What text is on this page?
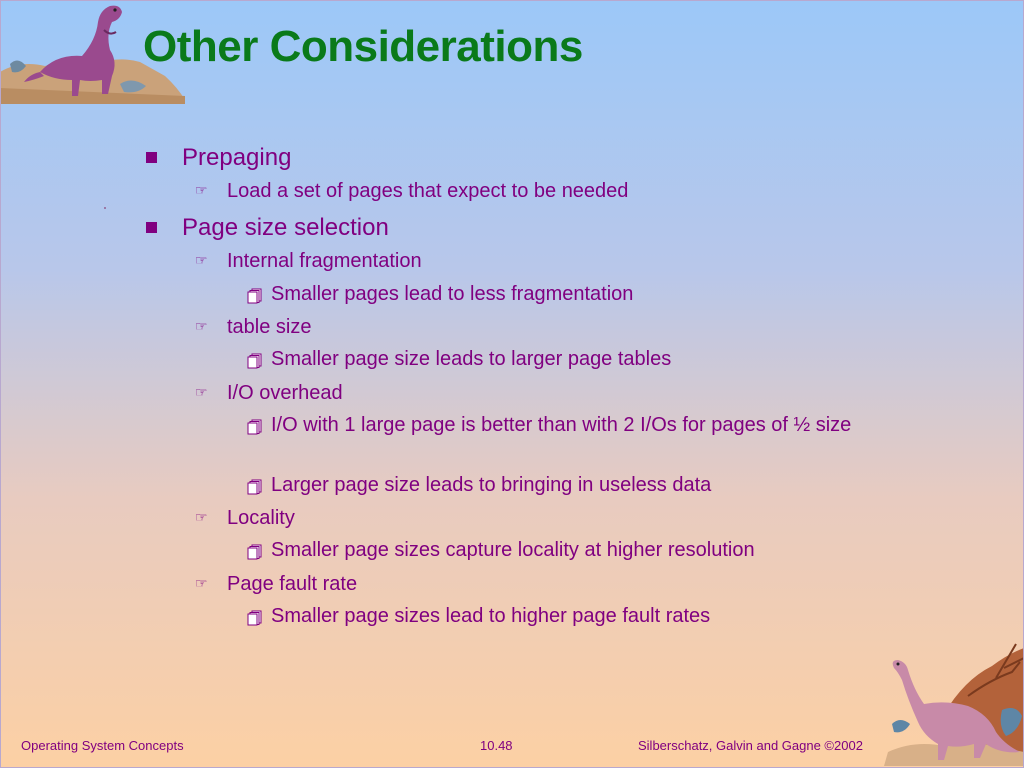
Other Considerations
Prepaging
☞ Load a set of pages that expect to be needed
Page size selection
☞ Internal fragmentation
Smaller pages lead to less fragmentation
☞ table size
Smaller page size leads to larger page tables
☞ I/O overhead
I/O with 1 large page is better than with 2 I/Os for pages of ½ size
Larger page size leads to bringing in useless data
☞ Locality
Smaller page sizes capture locality at higher resolution
☞ Page fault rate
Smaller page sizes lead to higher page fault rates
Operating System Concepts	10.48	Silberschatz, Galvin and Gagne ©2002
